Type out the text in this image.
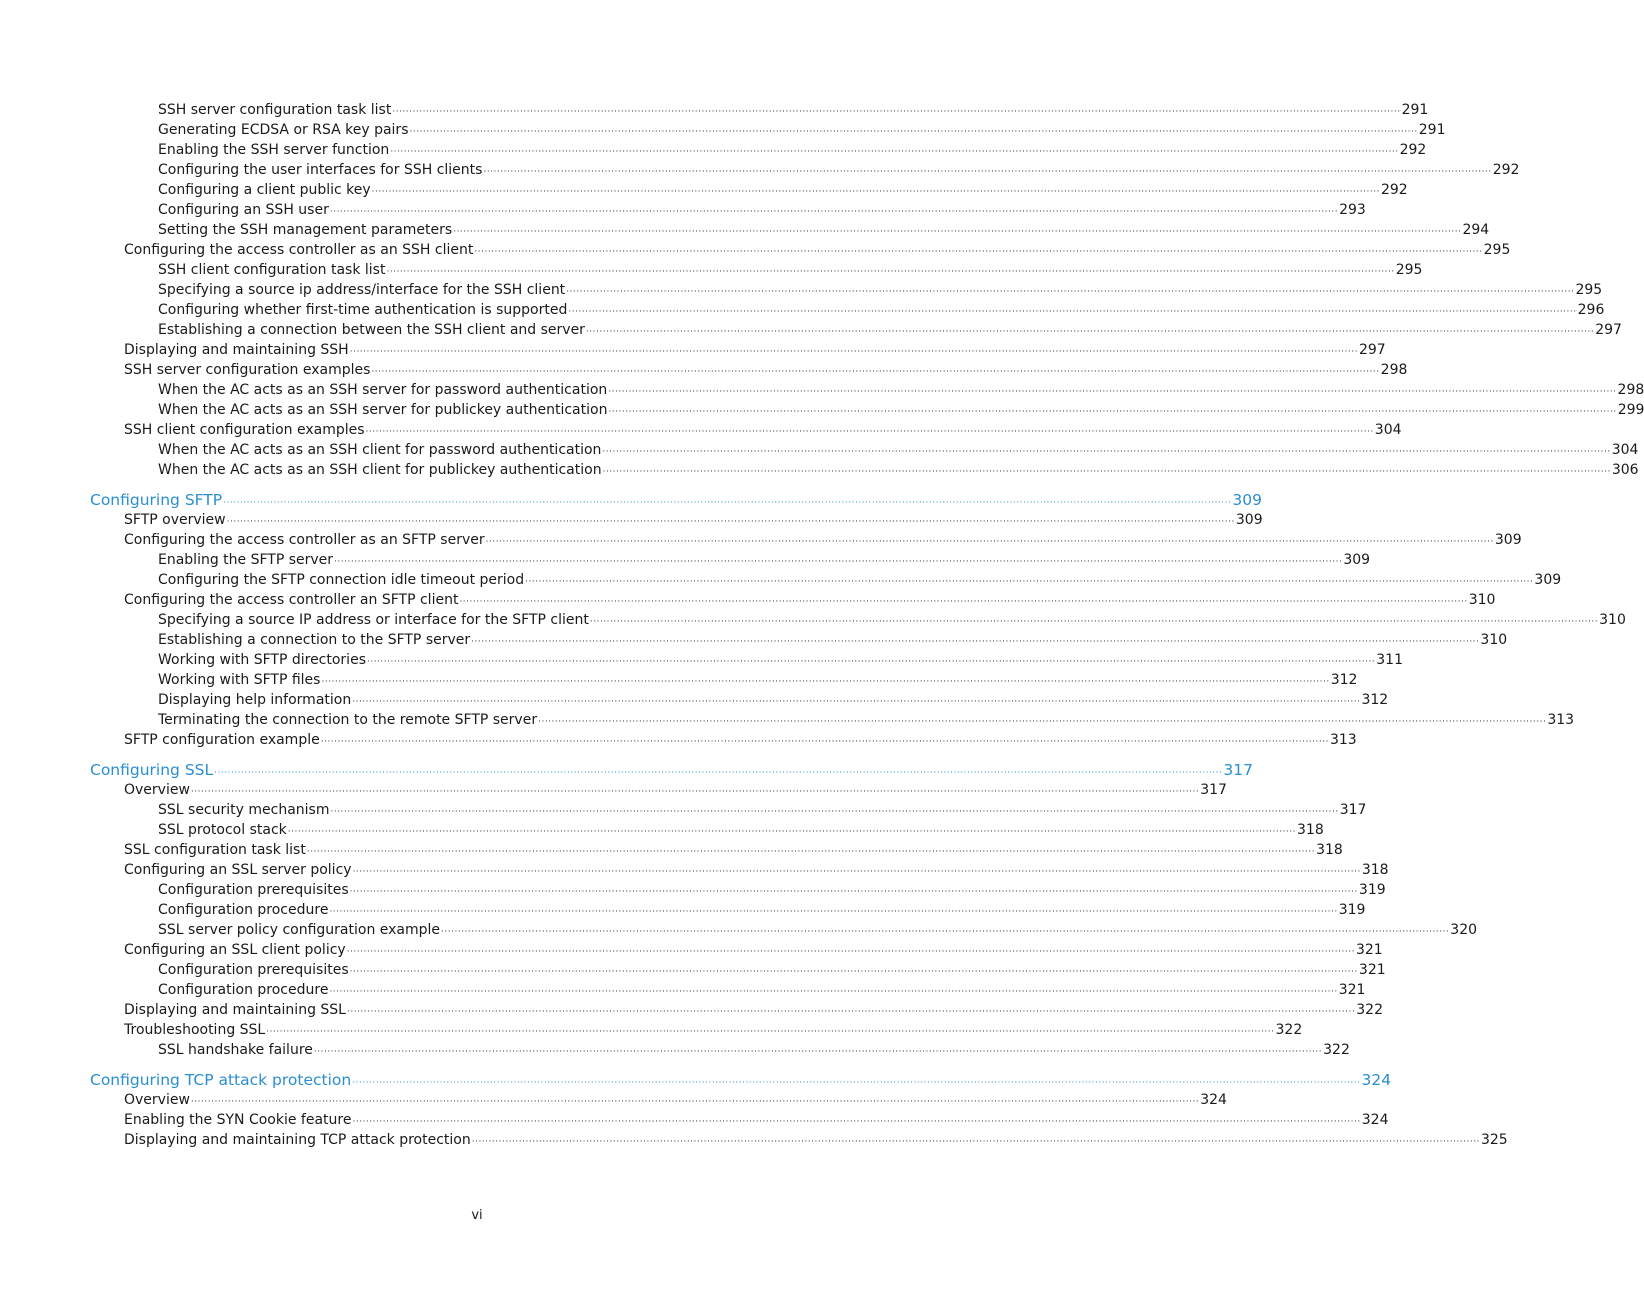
SSH server configuration task list ············································································································································································································································································································ 291
Generating ECDSA or RSA key pairs ············································································································································································································································································································ 291
Enabling the SSH server function ············································································································································································································································································································ 292
Configuring the user interfaces for SSH clients ············································································································································································································································································································ 292
Configuring a client public key ············································································································································································································································································································ 292
Configuring an SSH user ············································································································································································································································································································ 293
Setting the SSH management parameters ············································································································································································································································································································ 294
Configuring the access controller as an SSH client ············································································································································································································································································································ 295
SSH client configuration task list ············································································································································································································································································································ 295
Specifying a source ip address/interface for the SSH client ············································································································································································································································································································ 295
Configuring whether first-time authentication is supported ············································································································································································································································································································ 296
Establishing a connection between the SSH client and server ············································································································································································································································································································ 297
Displaying and maintaining SSH ············································································································································································································································································································ 297
SSH server configuration examples ············································································································································································································································································································ 298
When the AC acts as an SSH server for password authentication ············································································································································································································································································································ 298
When the AC acts as an SSH server for publickey authentication ············································································································································································································································································································ 299
SSH client configuration examples ············································································································································································································································································································ 304
When the AC acts as an SSH client for password authentication ············································································································································································································································································································ 304
When the AC acts as an SSH client for publickey authentication ············································································································································································································································································································ 306
Configuring SFTP ············································································································································································································································································································ 309
SFTP overview ············································································································································································································································································································ 309
Configuring the access controller as an SFTP server ············································································································································································································································································································ 309
Enabling the SFTP server ············································································································································································································································································································ 309
Configuring the SFTP connection idle timeout period ············································································································································································································································································································ 309
Configuring the access controller an SFTP client ············································································································································································································································································································ 310
Specifying a source IP address or interface for the SFTP client ············································································································································································································································································································ 310
Establishing a connection to the SFTP server ············································································································································································································································································································ 310
Working with SFTP directories ············································································································································································································································································································ 311
Working with SFTP files ············································································································································································································································································································ 312
Displaying help information ············································································································································································································································································································ 312
Terminating the connection to the remote SFTP server ············································································································································································································································································································ 313
SFTP configuration example ············································································································································································································································································································ 313
Configuring SSL ············································································································································································································································································································ 317
Overview ············································································································································································································································································································ 317
SSL security mechanism ············································································································································································································································································································ 317
SSL protocol stack ············································································································································································································································································································ 318
SSL configuration task list ············································································································································································································································································································ 318
Configuring an SSL server policy ············································································································································································································································································································ 318
Configuration prerequisites ············································································································································································································································································································ 319
Configuration procedure ············································································································································································································································································································ 319
SSL server policy configuration example ············································································································································································································································································································ 320
Configuring an SSL client policy ············································································································································································································································································································ 321
Configuration prerequisites ············································································································································································································································································································ 321
Configuration procedure ············································································································································································································································································································ 321
Displaying and maintaining SSL ············································································································································································································································································································ 322
Troubleshooting SSL ············································································································································································································································································································ 322
SSL handshake failure ············································································································································································································································································································ 322
Configuring TCP attack protection ············································································································································································································································································································ 324
Overview ············································································································································································································································································································ 324
Enabling the SYN Cookie feature ············································································································································································································································································································ 324
Displaying and maintaining TCP attack protection ············································································································································································································································································································ 325
vi
